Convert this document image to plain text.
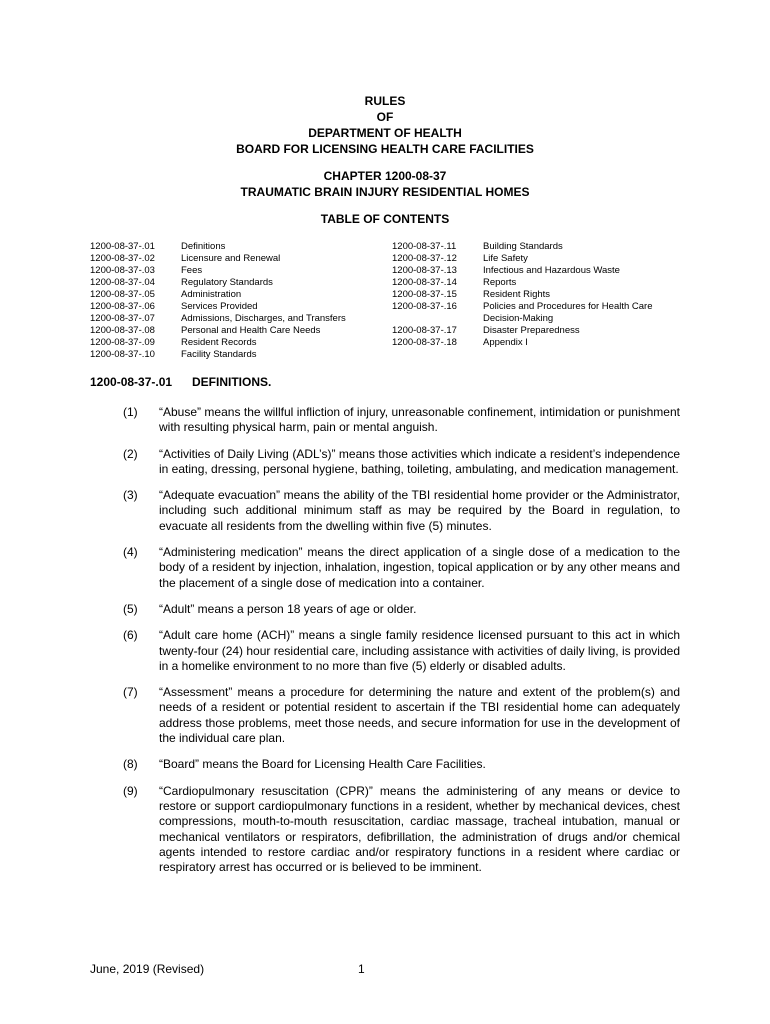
RULES
OF
DEPARTMENT OF HEALTH
BOARD FOR LICENSING HEALTH CARE FACILITIES
CHAPTER 1200-08-37
TRAUMATIC BRAIN INJURY RESIDENTIAL HOMES
TABLE OF CONTENTS
1200-08-37-.01	Definitions
1200-08-37-.02	Licensure and Renewal
1200-08-37-.03	Fees
1200-08-37-.04	Regulatory Standards
1200-08-37-.05	Administration
1200-08-37-.06	Services Provided
1200-08-37-.07	Admissions, Discharges, and Transfers
1200-08-37-.08	Personal and Health Care Needs
1200-08-37-.09	Resident Records
1200-08-37-.10	Facility Standards
1200-08-37-.11	Building Standards
1200-08-37-.12	Life Safety
1200-08-37-.13	Infectious and Hazardous Waste
1200-08-37-.14	Reports
1200-08-37-.15	Resident Rights
1200-08-37-.16	Policies and Procedures for Health Care
Decision-Making
1200-08-37-.17	Disaster Preparedness
1200-08-37-.18	Appendix I
1200-08-37-.01 DEFINITIONS.
(1)	“Abuse” means the willful infliction of injury, unreasonable confinement, intimidation or punishment with resulting physical harm, pain or mental anguish.
(2)	“Activities of Daily Living (ADL’s)” means those activities which indicate a resident’s independence in eating, dressing, personal hygiene, bathing, toileting, ambulating, and medication management.
(3)	“Adequate evacuation” means the ability of the TBI residential home provider or the Administrator, including such additional minimum staff as may be required by the Board in regulation, to evacuate all residents from the dwelling within five (5) minutes.
(4)	“Administering medication” means the direct application of a single dose of a medication to the body of a resident by injection, inhalation, ingestion, topical application or by any other means and the placement of a single dose of medication into a container.
(5)	“Adult” means a person 18 years of age or older.
(6)	“Adult care home (ACH)” means a single family residence licensed pursuant to this act in which twenty-four (24) hour residential care, including assistance with activities of daily living, is provided in a homelike environment to no more than five (5) elderly or disabled adults.
(7)	“Assessment” means a procedure for determining the nature and extent of the problem(s) and needs of a resident or potential resident to ascertain if the TBI residential home can adequately address those problems, meet those needs, and secure information for use in the development of the individual care plan.
(8)	“Board” means the Board for Licensing Health Care Facilities.
(9)	“Cardiopulmonary resuscitation (CPR)” means the administering of any means or device to restore or support cardiopulmonary functions in a resident, whether by mechanical devices, chest compressions, mouth-to-mouth resuscitation, cardiac massage, tracheal intubation, manual or mechanical ventilators or respirators, defibrillation, the administration of drugs and/or chemical agents intended to restore cardiac and/or respiratory functions in a resident where cardiac or respiratory arrest has occurred or is believed to be imminent.
June, 2019 (Revised)	1
